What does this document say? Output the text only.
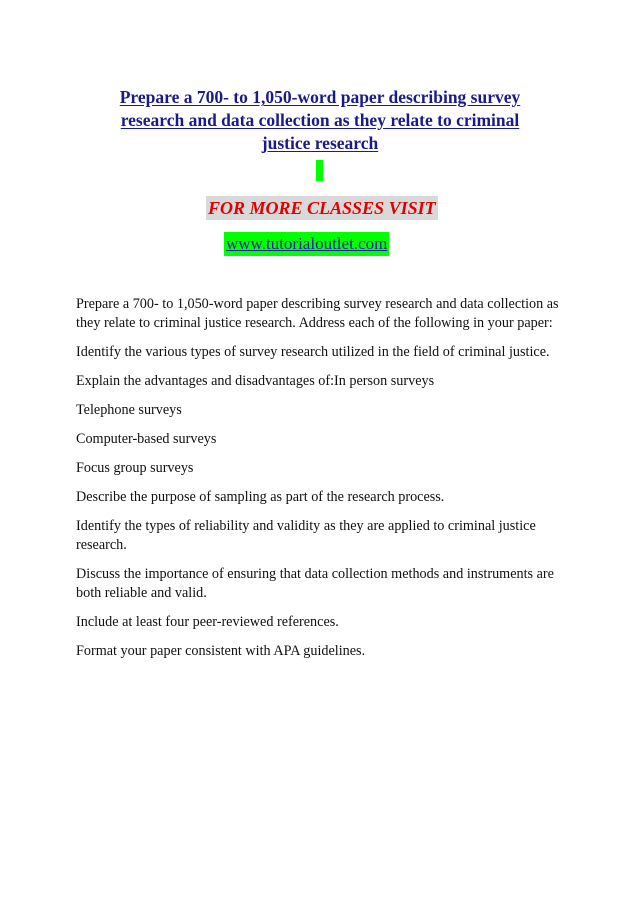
Prepare a 700- to 1,050-word paper describing survey
research and data collection as they relate to criminal
justice research
FOR MORE CLASSES VISIT
www.tutorialoutlet.com

Prepare a 700- to 1,050-word paper describing survey research and data collection as they relate to criminal justice research. Address each of the following in your paper:

Identify the various types of survey research utilized in the field of criminal justice.

Explain the advantages and disadvantages of:In person surveys

Telephone surveys

Computer-based surveys

Focus group surveys

Describe the purpose of sampling as part of the research process.

Identify the types of reliability and validity as they are applied to criminal justice research.

Discuss the importance of ensuring that data collection methods and instruments are both reliable and valid.

Include at least four peer-reviewed references.

Format your paper consistent with APA guidelines.
